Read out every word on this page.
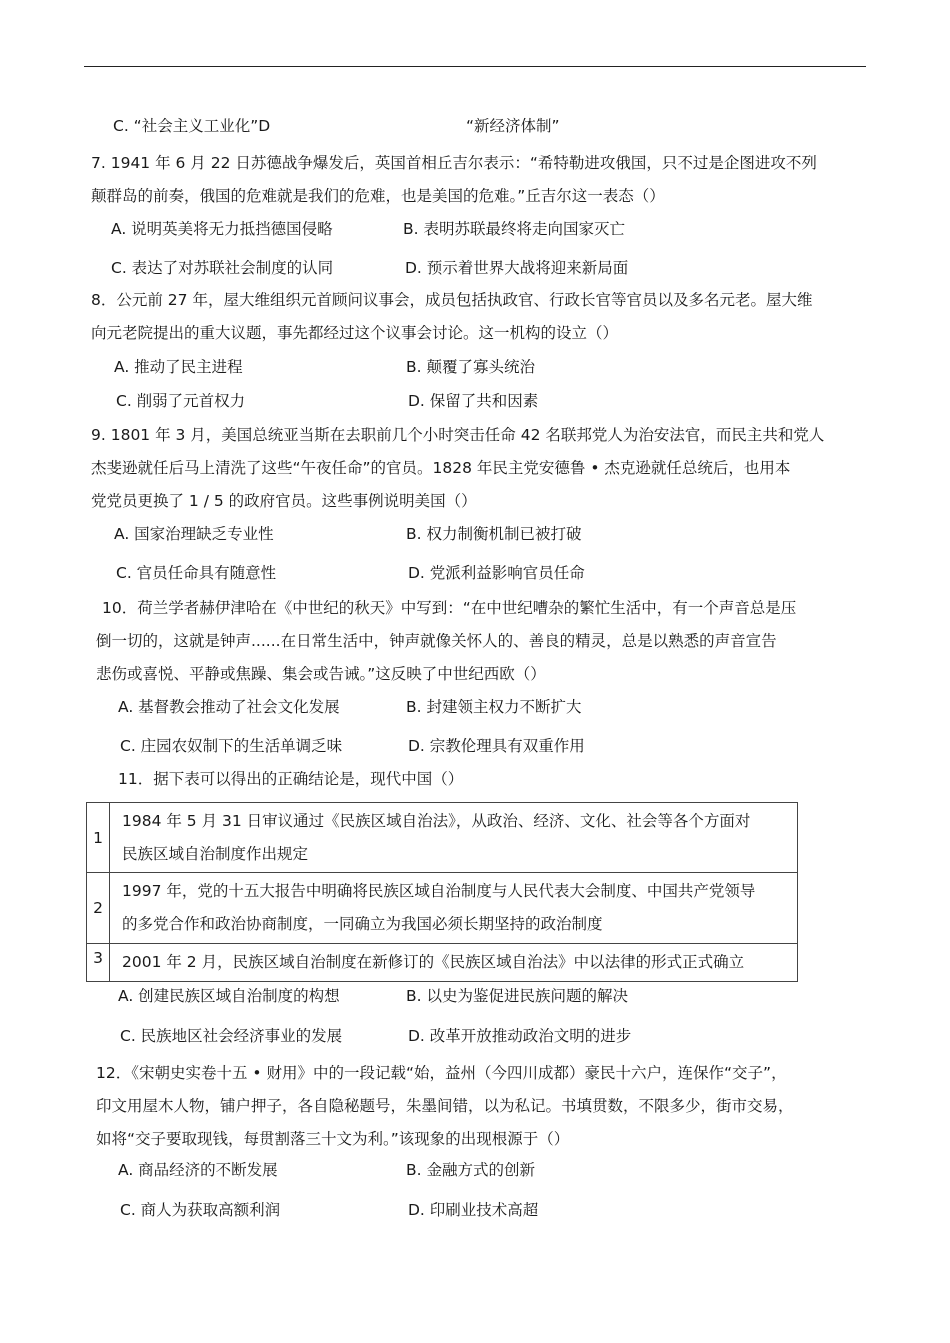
C. “社会主义工业化”D	“新经济体制”
7. 1941 年 6 月 22 日苏德战争爆发后，英国首相丘吉尔表示：“希特勒进攻俄国，只不过是企图进攻不列
颠群岛的前奏，俄国的危难就是我们的危难，也是美国的危难。”丘吉尔这一表态（）
A. 说明英美将无力抵挡德国侵略	B. 表明苏联最终将走向国家灭亡
C. 表达了对苏联社会制度的认同	D. 预示着世界大战将迎来新局面
8．公元前 27 年，屋大维组织元首顾问议事会，成员包括执政官、行政长官等官员以及多名元老。屋大维
向元老院提出的重大议题，事先都经过这个议事会讨论。这一机构的设立（）
A. 推动了民主进程	B. 颠覆了寡头统治
C. 削弱了元首权力	D. 保留了共和因素
9. 1801 年 3 月，美国总统亚当斯在去职前几个小时突击任命 42 名联邦党人为治安法官，而民主共和党人
杰斐逊就任后马上清洗了这些“午夜任命”的官员。1828 年民主党安德鲁 • 杰克逊就任总统后，也用本
党党员更换了 1 / 5 的政府官员。这些事例说明美国（）
A. 国家治理缺乏专业性	B. 权力制衡机制已被打破
C. 官员任命具有随意性	D. 党派利益影响官员任命
10．荷兰学者赫伊津哈在《中世纪的秋天》中写到：“在中世纪嘈杂的繁忙生活中，有一个声音总是压
倒一切的，这就是钟声......在日常生活中，钟声就像关怀人的、善良的精灵，总是以熟悉的声音宣告
悲伤或喜悦、平静或焦躁、集会或告诫。”这反映了中世纪西欧（）
A. 基督教会推动了社会文化发展	B. 封建领主权力不断扩大
C. 庄园农奴制下的生活单调乏味	D. 宗教伦理具有双重作用
11．据下表可以得出的正确结论是，现代中国（）
1	1984 年 5 月 31 日审议通过《民族区域自治法》，从政治、经济、文化、社会等各个方面对
民族区域自治制度作出规定

2	1997 年，党的十五大报告中明确将民族区域自治制度与人民代表大会制度、中国共产党领导
的多党合作和政治协商制度，一同确立为我国必须长期坚持的政治制度

3	2001 年 2 月，民族区域自治制度在新修订的《民族区域自治法》中以法律的形式正式确立
A. 创建民族区域自治制度的构想	B. 以史为鉴促进民族问题的解决
C. 民族地区社会经济事业的发展	D. 改革开放推动政治文明的进步
12．《宋朝史实卷十五 • 财用》中的一段记载“始，益州（今四川成都）豪民十六户，连保作“交子”，
印文用屋木人物，铺户押子，各自隐秘题号，朱墨间错，以为私记。书填贯数，不限多少，街市交易，
如将“交子要取现钱，每贯割落三十文为利。”该现象的出现根源于（）
A. 商品经济的不断发展	B. 金融方式的创新
C. 商人为获取高额利润	D. 印刷业技术高超
